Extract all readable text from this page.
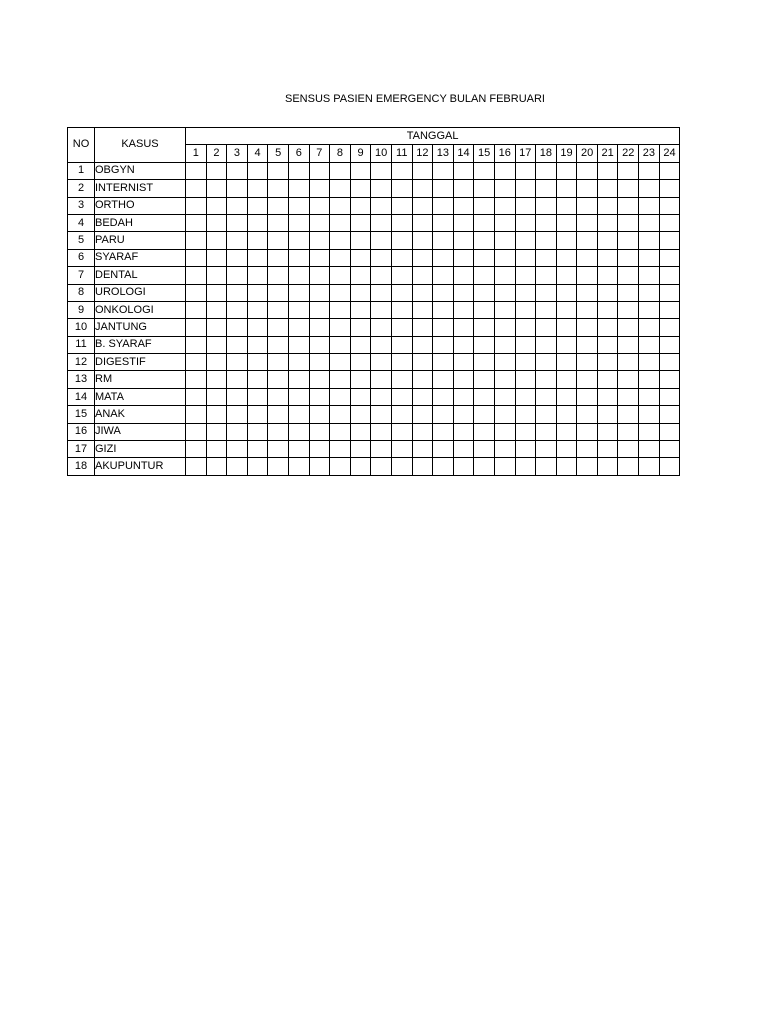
SENSUS PASIEN EMERGENCY BULAN FEBRUARI
NO	KASUS	TANGGAL																							
		1	2	3	4	5	6	7	8	9	10	11	12	13	14	15	16	17	18	19	20	21	22	23	24
1	OBGYN																								
2	INTERNIST																								
3	ORTHO																								
4	BEDAH																								
5	PARU																								
6	SYARAF																								
7	DENTAL																								
8	UROLOGI																								
9	ONKOLOGI																								
10	JANTUNG																								
11	B. SYARAF																								
12	DIGESTIF																								
13	RM																								
14	MATA																								
15	ANAK																								
16	JIWA																								
17	GIZI																								
18	AKUPUNTUR																								
